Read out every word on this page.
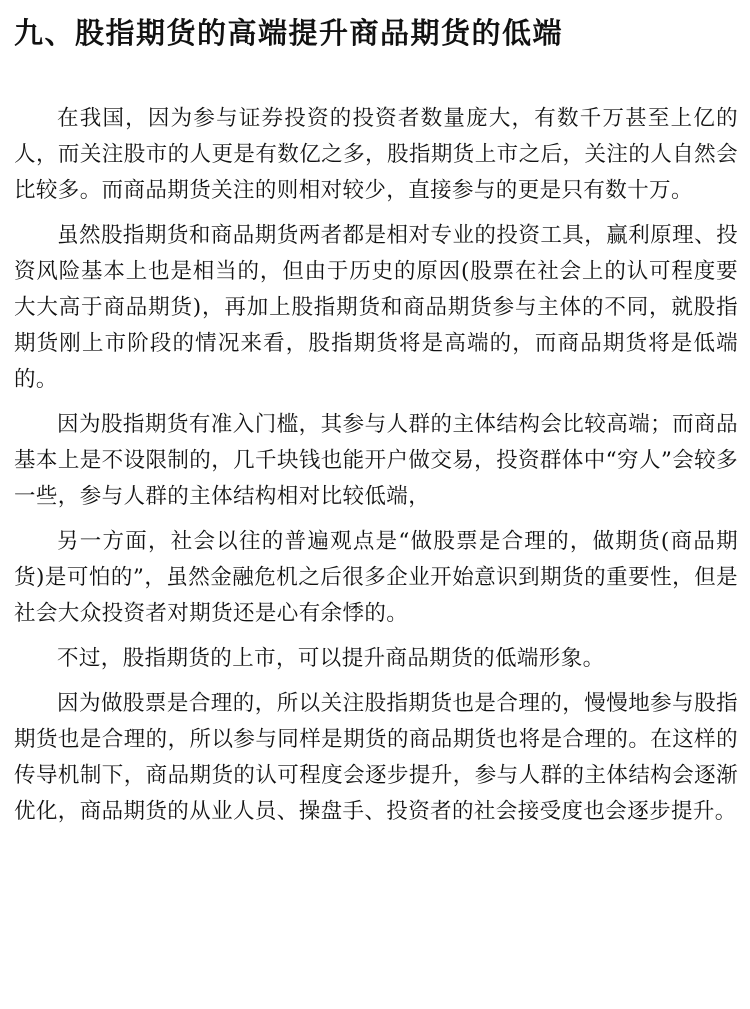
九、股指期货的高端提升商品期货的低端

在我国，因为参与证券投资的投资者数量庞大，有数千万甚至上亿的人，而关注股市的人更是有数亿之多，股指期货上市之后，关注的人自然会比较多。而商品期货关注的则相对较少，直接参与的更是只有数十万。

虽然股指期货和商品期货两者都是相对专业的投资工具，赢利原理、投资风险基本上也是相当的，但由于历史的原因(股票在社会上的认可程度要大大高于商品期货)，再加上股指期货和商品期货参与主体的不同，就股指期货刚上市阶段的情况来看，股指期货将是高端的，而商品期货将是低端的。

因为股指期货有准入门槛，其参与人群的主体结构会比较高端；而商品基本上是不设限制的，几千块钱也能开户做交易，投资群体中“穷人”会较多一些，参与人群的主体结构相对比较低端，

另一方面，社会以往的普遍观点是“做股票是合理的，做期货(商品期货)是可怕的”，虽然金融危机之后很多企业开始意识到期货的重要性，但是社会大众投资者对期货还是心有余悸的。

不过，股指期货的上市，可以提升商品期货的低端形象。

因为做股票是合理的，所以关注股指期货也是合理的，慢慢地参与股指期货也是合理的，所以参与同样是期货的商品期货也将是合理的。在这样的传导机制下，商品期货的认可程度会逐步提升，参与人群的主体结构会逐渐优化，商品期货的从业人员、操盘手、投资者的社会接受度也会逐步提升。
